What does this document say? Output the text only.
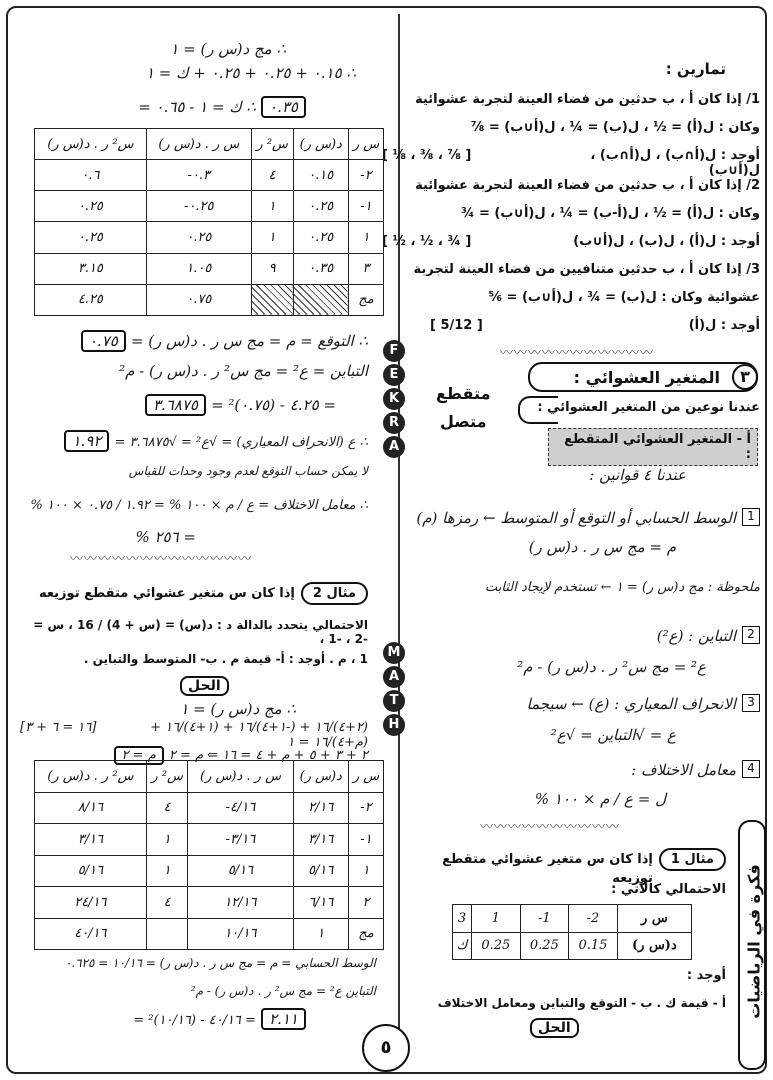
تمارين :
1/ إذا كان أ ، ب حدثين من فضاء العينة لتجربة عشوائية
وكان : ل(أ) = ½ ، ل(ب) = ¼ ، ل(أ∪ب) = ⅞
أوجد : ل(أ∩ب) ، ل(أ∩ب) ، ل(أ∪ب)
[ ⅛ ، ⅜ ، ⅞ ]
2/ إذا كان أ ، ب حدثين من فضاء العينة لتجربة عشوائية
وكان : ل(أ) = ½ ، ل(أ-ب) = ¼ ، ل(أ∪ب) = ¾
أوجد : ل(أ) ، ل(ب) ، ل(أ∪ب)
[ ½ ، ½ ، ¾ ]
3/ إذا كان أ ، ب حدثين متنافيين من فضاء العينة لتجربة
عشوائية وكان : ل(ب) = ¾ ، ل(أ∪ب) = ⅚
أوجد : ل(أ)
[ 5/12 ]
〰〰〰〰〰〰〰〰〰〰〰
٣
المتغير العشوائي :
عندنا نوعين من المتغير العشوائي :
متقطع
متصل
أ - المتغير العشوائي المتقطع :
عندنا ٤ قوانين :
1
الوسط الحسابي أو التوقع أو المتوسط ← رمزها (م)
م = مج س ر . د(س ر)
ملحوظة : مج د(س ر) = ١ ← تستخدم لإيجاد الثابت
2
التباين : (ع²)
ع² = مج س² ر . د(س ر) - م²
3
الانحراف المعياري : (ع) ← سيجما
ع = √التباين = √ع²
4
معامل الاختلاف :
ل = ع / م × ١٠٠ %
〰〰〰〰〰〰〰〰〰〰
مثال 1
إذا كان س متغير عشوائي متقطع توزيعه
الاحتمالي كالآتي :
3	1	-1	-2	س ر
ك	0.25	0.25	0.15	د(س ر)
أوجد :
أ - قيمة ك . ب - التوقع والتباين ومعامل الاختلاف
الحل
فكرة في الرياضيات
∴ مج د(س ر) = ١
∴ ٠.١٥ + ٠.٢٥ + ٠.٢٥ + ك = ١
٠.٣٥ ∴ ك = ١ - ٠.٦٥ =
س² ر . د(س ر)	س ر . د(س ر)	س² ر	د(س ر)	س ر
٠.٦	-٠.٣	٤	٠.١٥	-٢
٠.٢٥	-٠.٢٥	١	٠.٢٥	-١
٠.٢٥	٠.٢٥	١	٠.٢٥	١
٣.١٥	١.٠٥	٩	٠.٣٥	٣
٤.٢٥	٠.٧٥			مج
∴ التوقع = م = مج س ر . د(س ر) = ٠.٧٥
التباين = ع² = مج س² ر . د(س ر) - م²
= ٤.٢٥ - (٠.٧٥)² = ٣.٦٨٧٥
∴ ع (الانحراف المعياري) = √ع² = √٣.٦٨٧٥ = ١.٩٢
لا يمكن حساب التوقع لعدم وجود وحدات للقياس
∴ معامل الاختلاف = ع / م × ١٠٠ % = ١.٩٢ / ٠.٧٥ × ١٠٠ %
= ٢٥٦ %
〰〰〰〰〰〰〰〰〰〰〰〰〰
مثال 2
إذا كان س متغير عشوائي متقطع توزيعه
الاحتمالي يتحدد بالدالة د : د(س) = (س + 4) / 16 ، س = -2 ، -1 ،
1 ، م . أوجد : أ- قيمة م . ب- المتوسط والتباين .
الحل
∴ مج د(س ر) = ١
(٢+٤)/١٦ + (-١+٤)/١٦ + (١+٤)/١٦ + (م+٤)/١٦ = ١
[١٦ = ٦ + ٣]
٢ + ٣ + ٥ + م + ٤ = ١٦ ⇐ م = ٢ م = ٢
س² ر . د(س ر)	س² ر	س ر . د(س ر)	د(س ر)	س ر
٨/١٦	٤	-٤/١٦	٢/١٦	-٢
٣/١٦	١	-٣/١٦	٣/١٦	-١
٥/١٦	١	٥/١٦	٥/١٦	١
٢٤/١٦	٤	١٢/١٦	٦/١٦	٢
٤٠/١٦		١٠/١٦	١	مج
الوسط الحسابي = م = مج س ر . د(س ر) = ١٠/١٦ = ٠.٦٢٥
التباين ع² = مج س² ر . د(س ر) - م²
٢.١١ = ٤٠/١٦ - (١٠/١٦)² =
F
E
K
R
A
M
A
T
H
٥
